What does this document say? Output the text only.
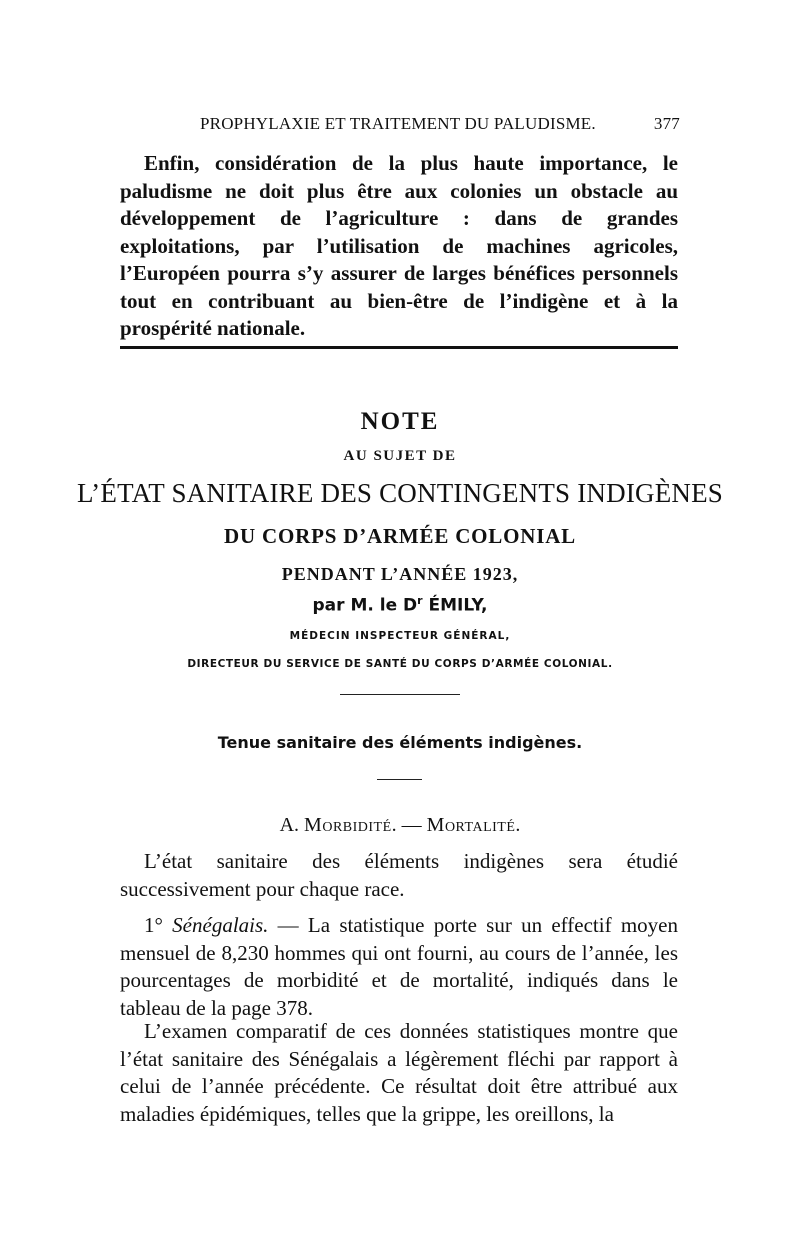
PROPHYLAXIE ET TRAITEMENT DU PALUDISME.	377

Enfin, considération de la plus haute importance, le paludisme ne doit plus être aux colonies un obstacle au développement de l’agriculture : dans de grandes exploitations, par l’utilisation de machines agricoles, l’Européen pourra s’y assurer de larges bénéfices personnels tout en contribuant au bien-être de l’indigène et à la prospérité nationale.

NOTE

AU SUJET DE

L’ÉTAT SANITAIRE DES CONTINGENTS INDIGÈNES

DU CORPS D’ARMÉE COLONIAL

PENDANT L’ANNÉE 1923,

par M. le $D^r$ ÉMILY,

MÉDECIN INSPECTEUR GÉNÉRAL,

DIRECTEUR DU SERVICE DE SANTÉ DU CORPS D’ARMÉE COLONIAL.

Tenue sanitaire des éléments indigènes.

A. Morbidité. — Mortalité.

L’état sanitaire des éléments indigènes sera étudié successivement pour chaque race.

1° Sénégalais. — La statistique porte sur un effectif moyen mensuel de 8,230 hommes qui ont fourni, au cours de l’année, les pourcentages de morbidité et de mortalité, indiqués dans le tableau de la page 378.

L’examen comparatif de ces données statistiques montre que l’état sanitaire des Sénégalais a légèrement fléchi par rapport à celui de l’année précédente. Ce résultat doit être attribué aux maladies épidémiques, telles que la grippe, les oreillons, la
